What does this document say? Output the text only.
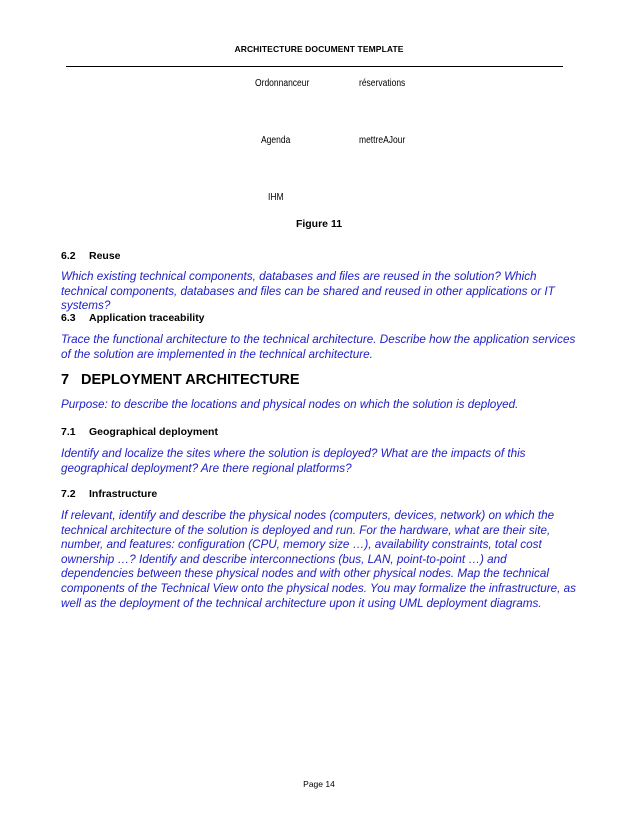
ARCHITECTURE DOCUMENT TEMPLATE
Ordonnanceur	réservations
Agenda	mettreAJour
IHM
Figure 11
6.2 Reuse
Which existing technical components, databases and files are reused in the solution? Which technical components, databases and files can be shared and reused in other applications or IT systems?
6.3 Application traceability
Trace the functional architecture to the technical architecture. Describe how the application services of the solution are implemented in the technical architecture.
7 DEPLOYMENT ARCHITECTURE
Purpose: to describe the locations and physical nodes on which the solution is deployed.
7.1 Geographical deployment
Identify and localize the sites where the solution is deployed? What are the impacts of this geographical deployment? Are there regional platforms?
7.2 Infrastructure
If relevant, identify and describe the physical nodes (computers, devices, network) on which the technical architecture of the solution is deployed and run. For the hardware, what are their site, number, and features: configuration (CPU, memory size …), availability constraints, total cost ownership …? Identify and describe interconnections (bus, LAN, point-to-point …) and dependencies between these physical nodes and with other physical nodes. Map the technical components of the Technical View onto the physical nodes. You may formalize the infrastructure, as well as the deployment of the technical architecture upon it using UML deployment diagrams.
Page 14
